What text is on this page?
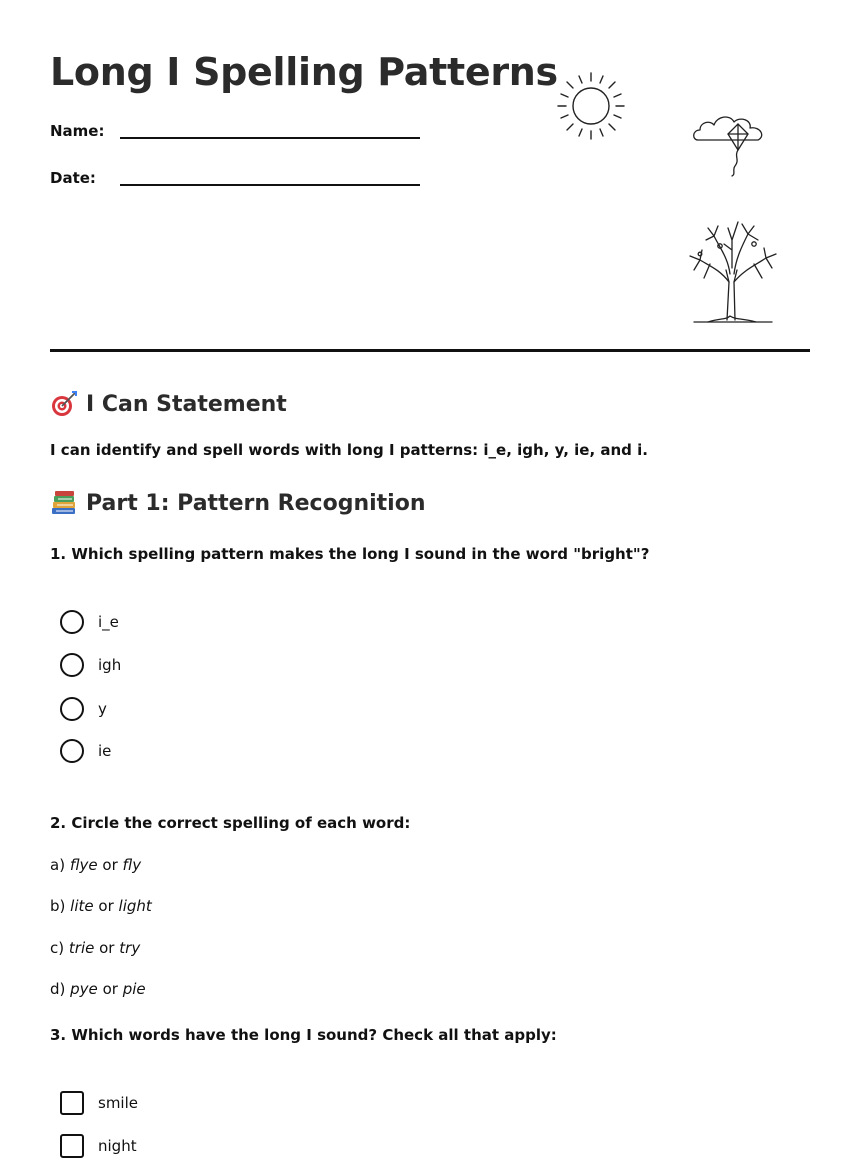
Long I Spelling Patterns
Name:
Date:
I Can Statement
I can identify and spell words with long I patterns: i_e, igh, y, ie, and i.
Part 1: Pattern Recognition
1. Which spelling pattern makes the long I sound in the word "bright"?
i_e
igh
y
ie
2. Circle the correct spelling of each word:
a) flye or fly
b) lite or light
c) trie or try
d) pye or pie
3. Which words have the long I sound? Check all that apply:
smile
night
